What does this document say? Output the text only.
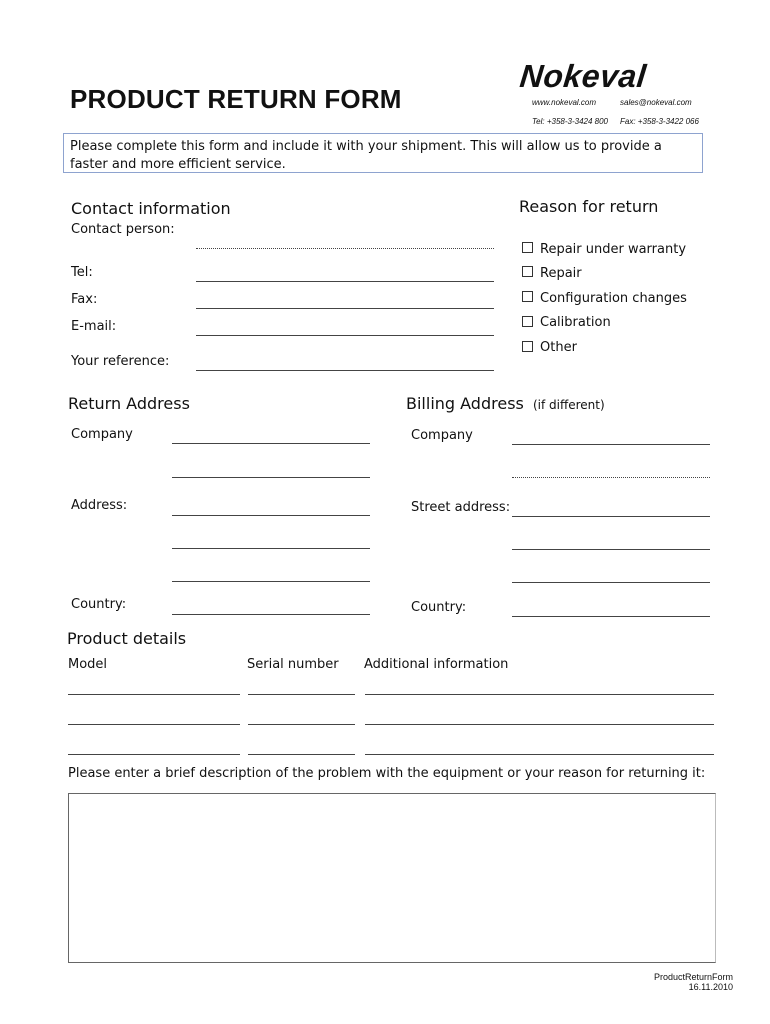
PRODUCT RETURN FORM
Nokeval
www.nokeval.com	sales@nokeval.com
Tel: +358-3-3424 800 Fax: +358-3-3422 066
Please complete this form and include it with your shipment. This will allow us to provide a faster and more efficient service.
Contact information
Contact person:
Tel:
Fax:
E-mail:
Your reference:
Reason for return
Repair under warranty
Repair
Configuration changes
Calibration
Other
Return Address
Company
Address:
Country:
Billing Address (if different)
Company
Street address:
Country:
Product details
Model	Serial number Additional information
Please enter a brief description of the problem with the equipment or your reason for returning it:
ProductReturnForm
16.11.2010
